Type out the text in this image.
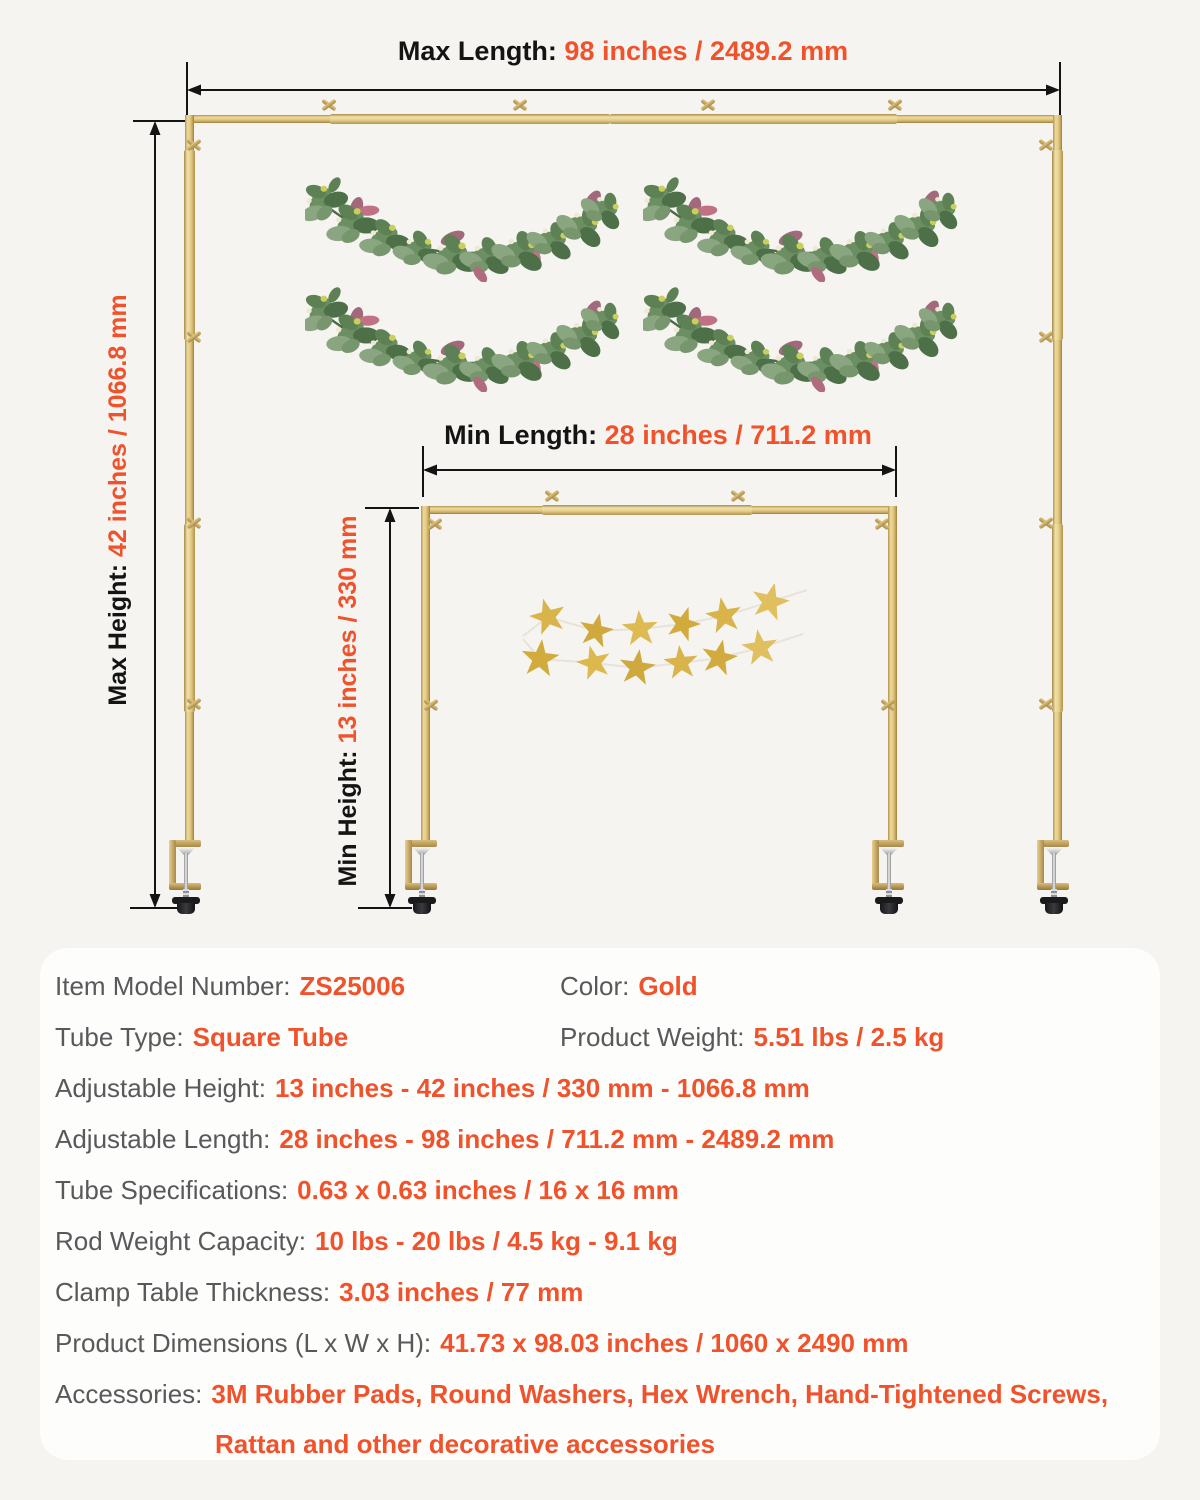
Max Length: 98 inches / 2489.2 mm
Min Length: 28 inches / 711.2 mm
Max Height: 42 inches / 1066.8 mm
Min Height: 13 inches / 330 mm
Item Model Number: ZS25006	Color: Gold
Tube Type: Square Tube	Product Weight: 5.51 lbs / 2.5 kg
Adjustable Height: 13 inches - 42 inches / 330 mm - 1066.8 mm
Adjustable Length: 28 inches - 98 inches / 711.2 mm - 2489.2 mm
Tube Specifications: 0.63 x 0.63 inches / 16 x 16 mm
Rod Weight Capacity: 10 lbs - 20 lbs / 4.5 kg - 9.1 kg
Clamp Table Thickness: 3.03 inches / 77 mm
Product Dimensions (L x W x H): 41.73 x 98.03 inches / 1060 x 2490 mm
Accessories: 3M Rubber Pads, Round Washers, Hex Wrench, Hand-Tightened Screws,
Rattan and other decorative accessories
